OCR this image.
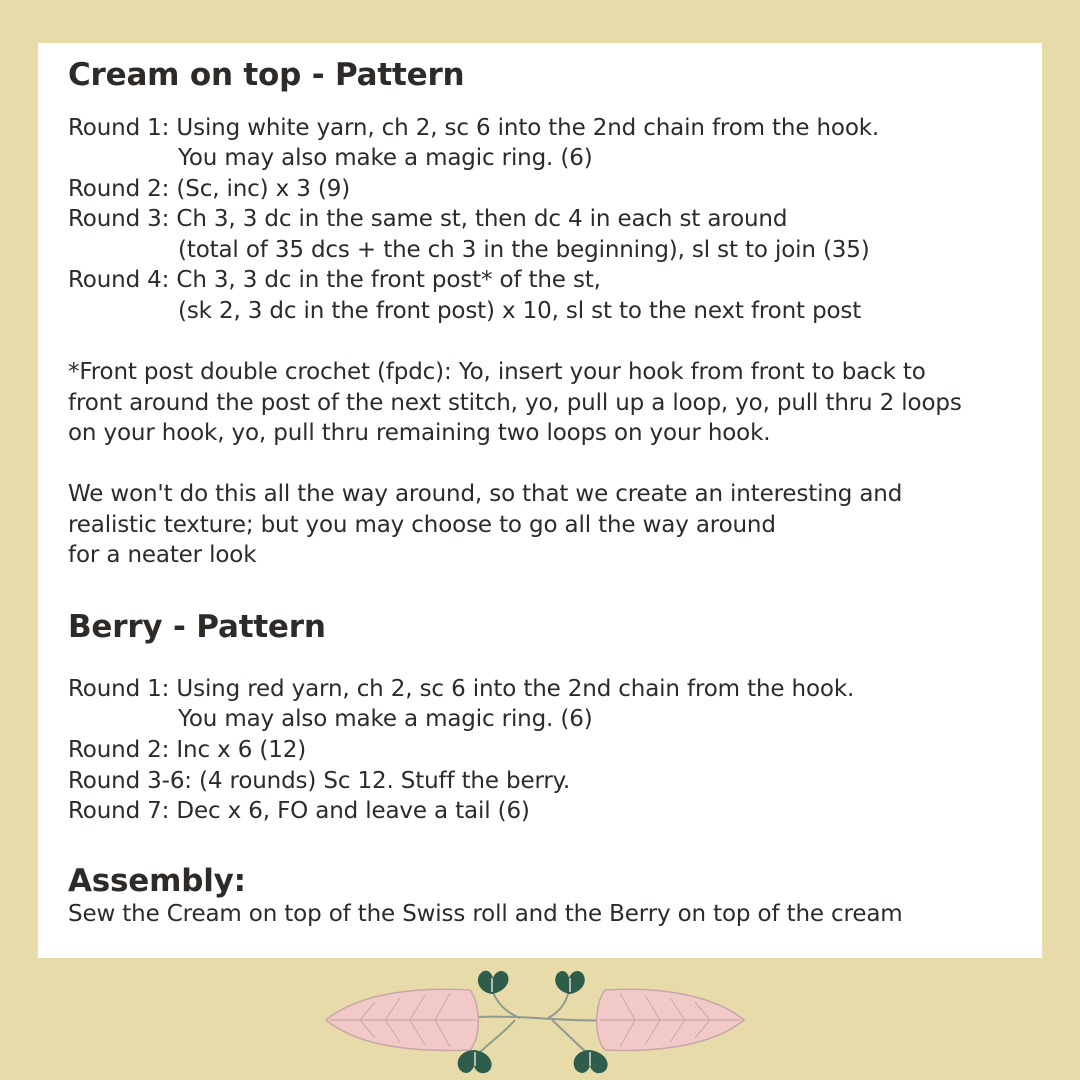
Cream on top - Pattern
Round 1: Using white yarn, ch 2, sc 6 into the 2nd chain from the hook.
You may also make a magic ring. (6)
Round 2: (Sc, inc) x 3 (9)
Round 3: Ch 3, 3 dc in the same st, then dc 4 in each st around
(total of 35 dcs + the ch 3 in the beginning), sl st to join (35)
Round 4: Ch 3, 3 dc in the front post* of the st,
(sk 2, 3 dc in the front post) x 10, sl st to the next front post
*Front post double crochet (fpdc): Yo, insert your hook from front to back to
front around the post of the next stitch, yo, pull up a loop, yo, pull thru 2 loops
on your hook, yo, pull thru remaining two loops on your hook.
We won't do this all the way around, so that we create an interesting and
realistic texture; but you may choose to go all the way around
for a neater look
Berry - Pattern
Round 1: Using red yarn, ch 2, sc 6 into the 2nd chain from the hook.
You may also make a magic ring. (6)
Round 2: Inc x 6 (12)
Round 3-6: (4 rounds) Sc 12. Stuff the berry.
Round 7: Dec x 6, FO and leave a tail (6)
Assembly:
Sew the Cream on top of the Swiss roll and the Berry on top of the cream
